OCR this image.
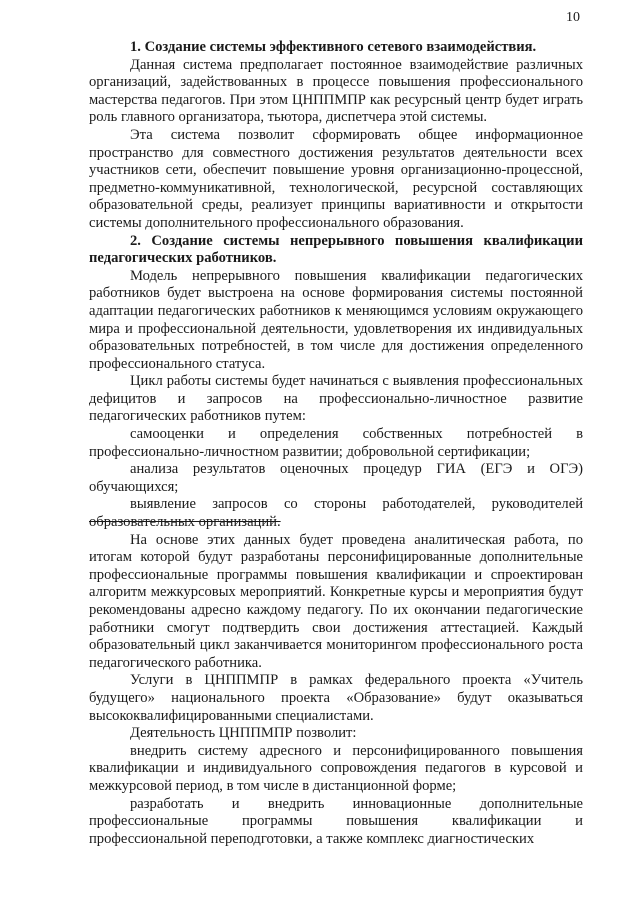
10

1. Создание системы эффективного сетевого взаимодействия.

Данная система предполагает постоянное взаимодействие различных организаций, задействованных в процессе повышения профессионального мастерства педагогов. При этом ЦНППМПР как ресурсный центр будет играть роль главного организатора, тьютора, диспетчера этой системы.

Эта система позволит сформировать общее информационное пространство для совместного достижения результатов деятельности всех участников сети, обеспечит повышение уровня организационно-процессной, предметно-коммуникативной, технологической, ресурсной составляющих образовательной среды, реализует принципы вариативности и открытости системы дополнительного профессионального образования.

2. Создание системы непрерывного повышения квалификации педагогических работников.

Модель непрерывного повышения квалификации педагогических работников будет выстроена на основе формирования системы постоянной адаптации педагогических работников к меняющимся условиям окружающего мира и профессиональной деятельности, удовлетворения их индивидуальных образовательных потребностей, в том числе для достижения определенного профессионального статуса.

Цикл работы системы будет начинаться с выявления профессиональных дефицитов и запросов на профессионально-личностное развитие педагогических работников путем:

самооценки и определения собственных потребностей в профессионально-личностном развитии; добровольной сертификации;

анализа результатов оценочных процедур ГИА (ЕГЭ и ОГЭ) обучающихся;

выявление запросов со стороны работодателей, руководителей образовательных организаций.

На основе этих данных будет проведена аналитическая работа, по итогам которой будут разработаны персонифицированные дополнительные профессиональные программы повышения квалификации и спроектирован алгоритм межкурсовых мероприятий. Конкретные курсы и мероприятия будут рекомендованы адресно каждому педагогу. По их окончании педагогические работники смогут подтвердить свои достижения аттестацией. Каждый образовательный цикл заканчивается мониторингом профессионального роста педагогического работника.

Услуги в ЦНППМПР в рамках федерального проекта «Учитель будущего» национального проекта «Образование» будут оказываться высококвалифицированными специалистами.

Деятельность ЦНППМПР позволит:

внедрить систему адресного и персонифицированного повышения квалификации и индивидуального сопровождения педагогов в курсовой и межкурсовой период, в том числе в дистанционной форме;

разработать и внедрить инновационные дополнительные профессиональные программы повышения квалификации и профессиональной переподготовки, а также комплекс диагностических
